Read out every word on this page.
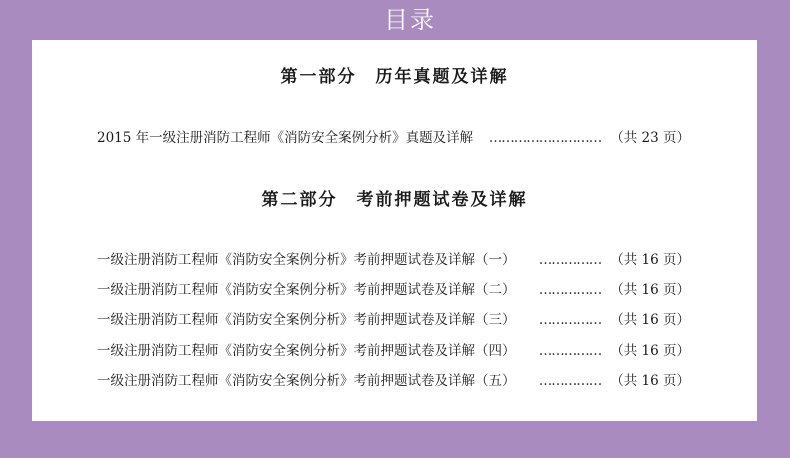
目录
第一部分　历年真题及详解
2015 年一级注册消防工程师《消防安全案例分析》真题及详解	……………………… （共 23 页）
第二部分　考前押题试卷及详解
一级注册消防工程师《消防安全案例分析》考前押题试卷及详解（一）	…………… （共 16 页）
一级注册消防工程师《消防安全案例分析》考前押题试卷及详解（二）	…………… （共 16 页）
一级注册消防工程师《消防安全案例分析》考前押题试卷及详解（三）	…………… （共 16 页）
一级注册消防工程师《消防安全案例分析》考前押题试卷及详解（四）	…………… （共 16 页）
一级注册消防工程师《消防安全案例分析》考前押题试卷及详解（五）	…………… （共 16 页）
